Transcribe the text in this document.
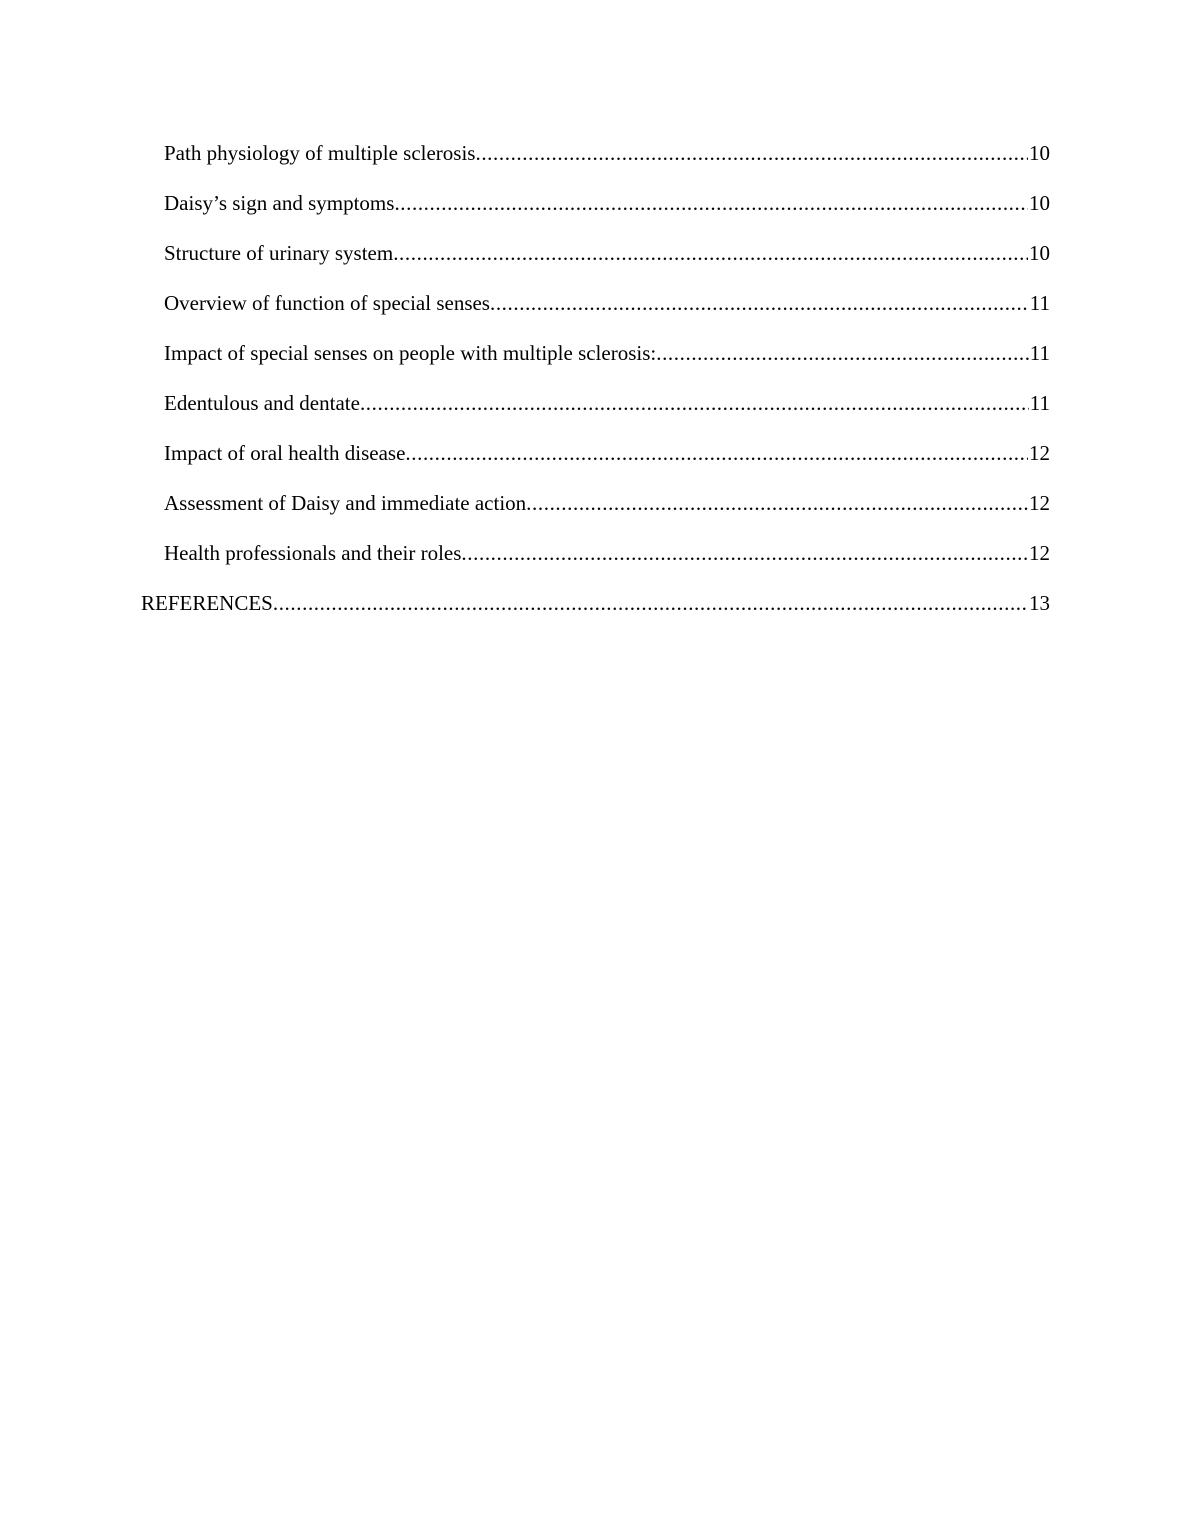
Path physiology of multiple sclerosis .....	10
Daisy’s sign and symptoms .....	10
Structure of urinary system .....	10
Overview of function of special senses .....	11
Impact of special senses on people with multiple sclerosis: .....	11
Edentulous and dentate .....	11
Impact of oral health disease .....	12
Assessment of Daisy and immediate action .....	12
Health professionals and their roles .....	12
REFERENCES .....	13
